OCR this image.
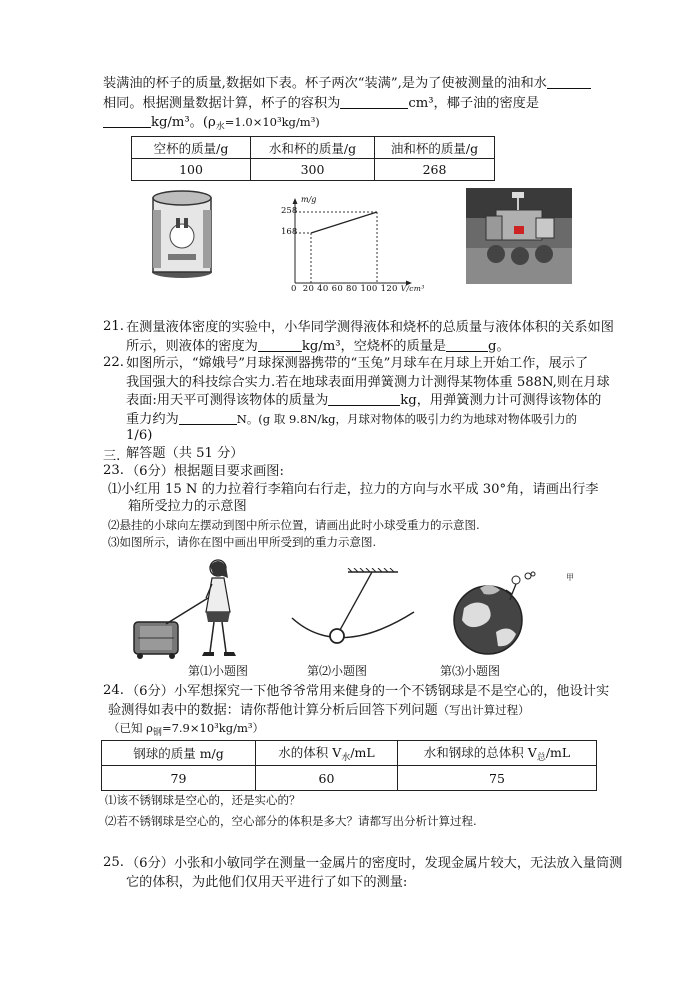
装满油的杯子的质量,数据如下表。杯子两次“装满”,是为了使被测量的油和水
相同。根据测量数据计算，杯子的容积为	cm³，椰子油的密度是
kg/m³。$(\rho_水=1.0\times 10^3kg/m^3)$
空杯的质量/g	水和杯的质量/g	油和杯的质量/g
100	300	268
m/g
258
168
0 20 40 60 80 100 120 V/cm³
21. 在测量液体密度的实验中，小华同学测得液体和烧杯的总质量与液体体积的关系如图
所示，则液体的密度为	kg/m³，空烧杯的质量是	g。
22. 如图所示，“嫦娥号”月球探测器携带的“玉兔”月球车在月球上开始工作，展示了
我国强大的科技综合实力.若在地球表面用弹簧测力计测得某物体重 588N,则在月球
表面:用天平可测得该物体的质量为	kg，用弹簧测力计可测得该物体的
重力约为	N。(g 取 9.8N/kg，月球对物体的吸引力约为地球对物体吸引力的
1/6)
三. 解答题（共 51 分）
23. （6分）根据题目要求画图:
⑴小红用 15 N 的力拉着行李箱向右行走，拉力的方向与水平成 30°角，请画出行李
箱所受拉力的示意图
⑵悬挂的小球向左摆动到图中所示位置，请画出此时小球受重力的示意图.
⑶如图所示，请你在图中画出甲所受到的重力示意图.
甲
第⑴小题图	第⑵小题图	第⑶小题图
24. （6分）小军想探究一下他爷爷常用来健身的一个不锈钢球是不是空心的，他设计实
验测得如表中的数据：请你帮他计算分析后回答下列问题（写出计算过程）
（已知 $\rho_钢=7.9\times 10^3kg/m^3$）
钢球的质量 m/g	水的体积 $V_水/mL$	水和钢球的总体积 $V_总/mL$
79	60	75
⑴该不锈钢球是空心的，还是实心的？
⑵若不锈钢球是空心的，空心部分的体积是多大？请都写出分析计算过程.
25. （6分）小张和小敏同学在测量一金属片的密度时，发现金属片较大，无法放入量筒测
它的体积，为此他们仅用天平进行了如下的测量:
